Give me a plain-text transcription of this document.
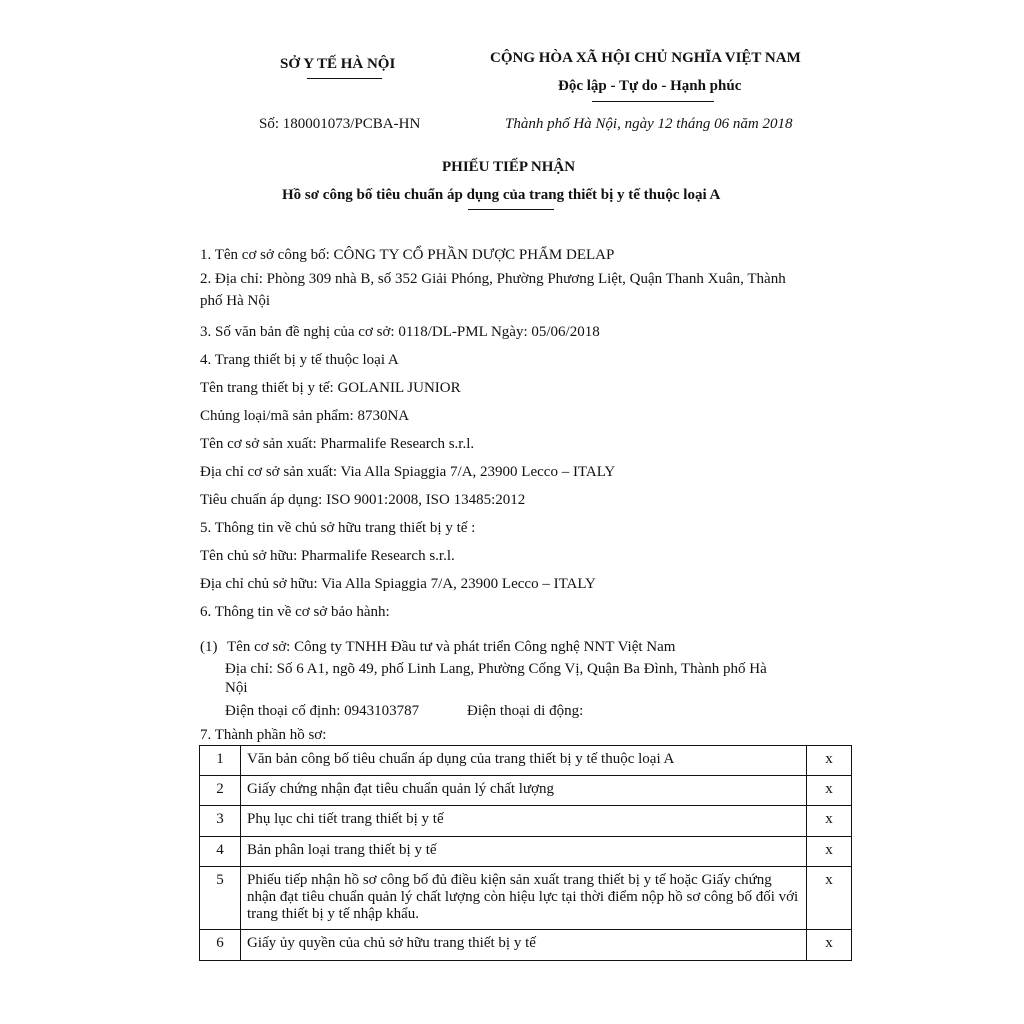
SỞ Y TẾ HÀ NỘI	CỘNG HÒA XÃ HỘI CHỦ NGHĨA VIỆT NAM
Độc lập - Tự do - Hạnh phúc
Số: 180001073/PCBA-HN	Thành phố Hà Nội, ngày 12 tháng 06 năm 2018
PHIẾU TIẾP NHẬN
Hồ sơ công bố tiêu chuẩn áp dụng của trang thiết bị y tế thuộc loại A
1. Tên cơ sở công bố: CÔNG TY CỔ PHẦN DƯỢC PHẨM DELAP
2. Địa chỉ: Phòng 309 nhà B, số 352 Giải Phóng, Phường Phương Liệt, Quận Thanh Xuân, Thành
phố Hà Nội
3. Số văn bản đề nghị của cơ sở: 0118/DL-PML Ngày: 05/06/2018
4. Trang thiết bị y tế thuộc loại A
Tên trang thiết bị y tế: GOLANIL JUNIOR
Chủng loại/mã sản phẩm: 8730NA
Tên cơ sở sản xuất: Pharmalife Research s.r.l.
Địa chỉ cơ sở sản xuất: Via Alla Spiaggia 7/A, 23900 Lecco – ITALY
Tiêu chuẩn áp dụng: ISO 9001:2008, ISO 13485:2012
5. Thông tin về chủ sở hữu trang thiết bị y tế :
Tên chủ sở hữu: Pharmalife Research s.r.l.
Địa chỉ chủ sở hữu: Via Alla Spiaggia 7/A, 23900 Lecco – ITALY
6. Thông tin về cơ sở bảo hành:
(1) Tên cơ sở: Công ty TNHH Đầu tư và phát triển Công nghệ NNT Việt Nam
Địa chỉ: Số 6 A1, ngõ 49, phố Linh Lang, Phường Cống Vị, Quận Ba Đình, Thành phố Hà
Nội
Điện thoại cố định: 0943103787	Điện thoại di động:
7. Thành phần hồ sơ:
1	Văn bản công bố tiêu chuẩn áp dụng của trang thiết bị y tế thuộc loại A	x
2	Giấy chứng nhận đạt tiêu chuẩn quản lý chất lượng	x
3	Phụ lục chi tiết trang thiết bị y tế	x
4	Bản phân loại trang thiết bị y tế	x
5	Phiếu tiếp nhận hồ sơ công bố đủ điều kiện sản xuất trang thiết bị y tế hoặc Giấy chứng nhận đạt tiêu chuẩn quản lý chất lượng còn hiệu lực tại thời điểm nộp hồ sơ công bố đối với trang thiết bị y tế nhập khẩu.	x
6	Giấy ủy quyền của chủ sở hữu trang thiết bị y tế	x
